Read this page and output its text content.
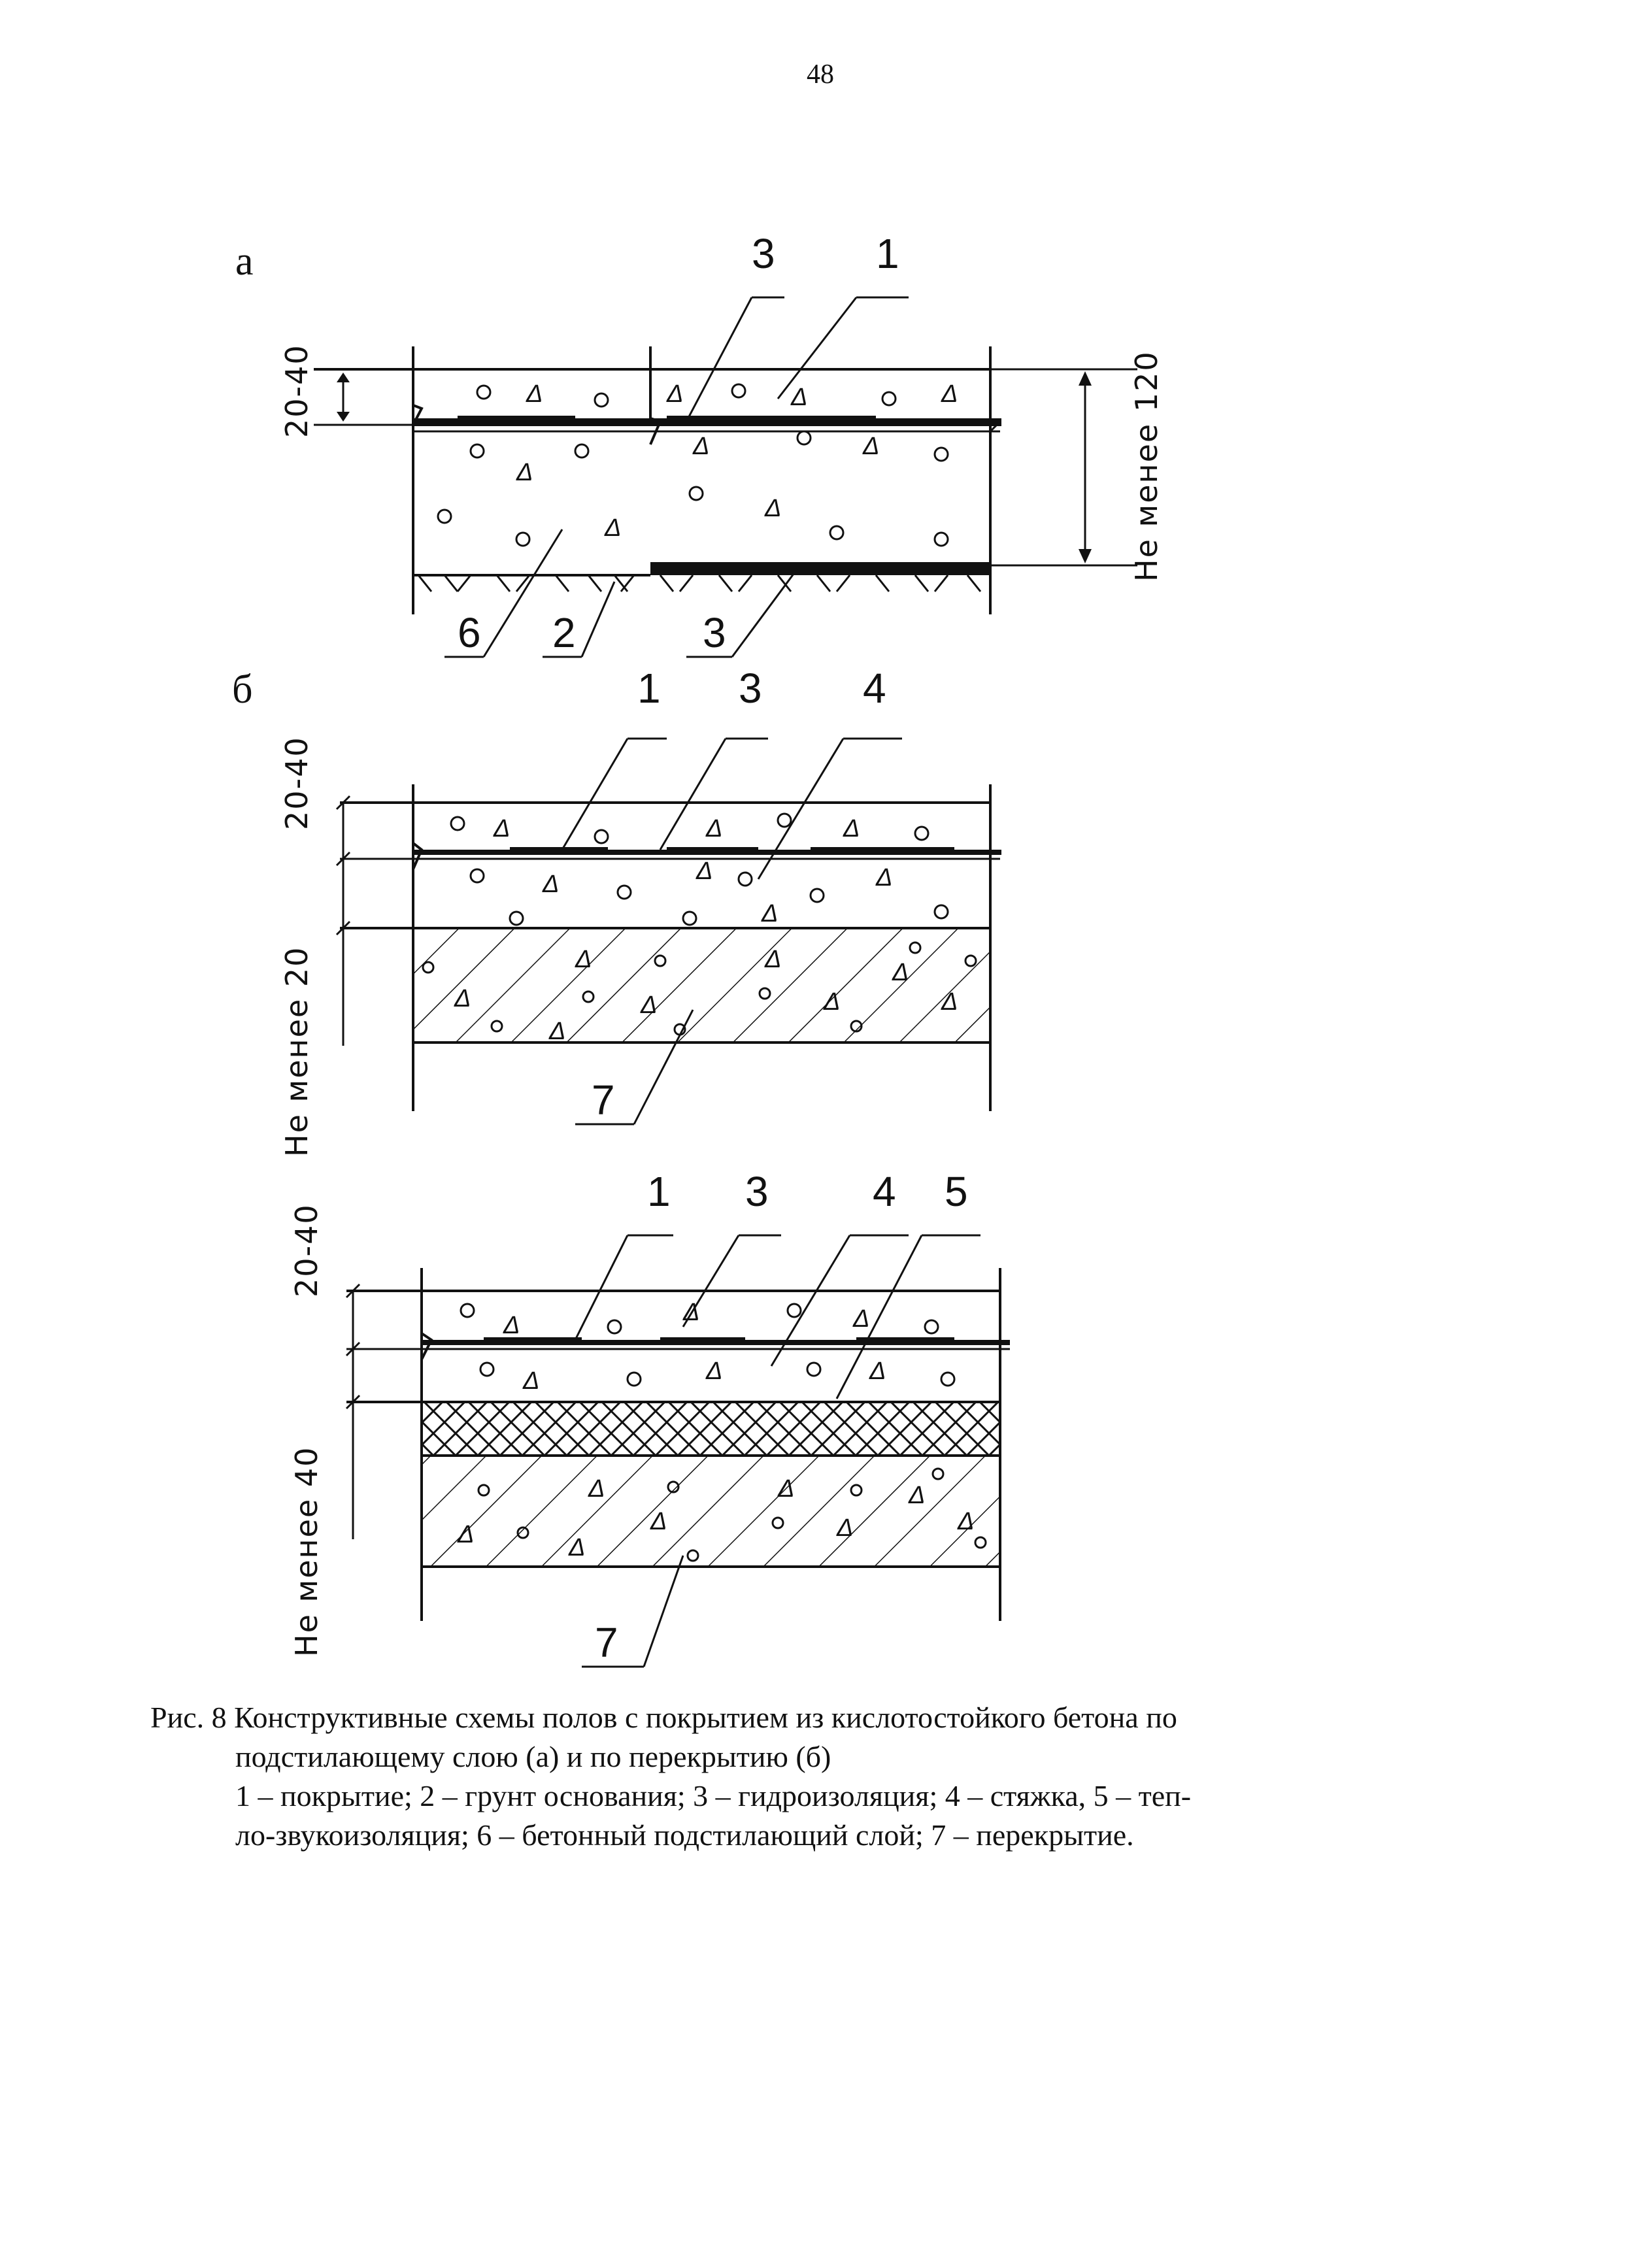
48
а	3 1
Δ	Δ	Δ	Δ
Δ
Δ	Δ
Δ
Δ
20-40	Не менее 120
6 2	3
б	1 3 4
Δ	Δ	Δ
Δ	Δ	Δ
Δ
Δ
Δ
Δ
Δ
Δ
Δ
Δ
Δ
20-40
Не менее 20	7
1 3 4 5
Δ	Δ	Δ
Δ	Δ	Δ
Δ
Δ
Δ
Δ
Δ
Δ
Δ
Δ
20-40
Не менее 40	7

Рис. 8 Конструктивные схемы полов с покрытием из кислотостойкого бетона по

подстилающему слою (а) и по перекрытию (б)

1 – покрытие; 2 – грунт основания; 3 – гидроизоляция; 4 – стяжка, 5 – теп-

ло-звукоизоляция; 6 – бетонный подстилающий слой; 7 – перекрытие.
